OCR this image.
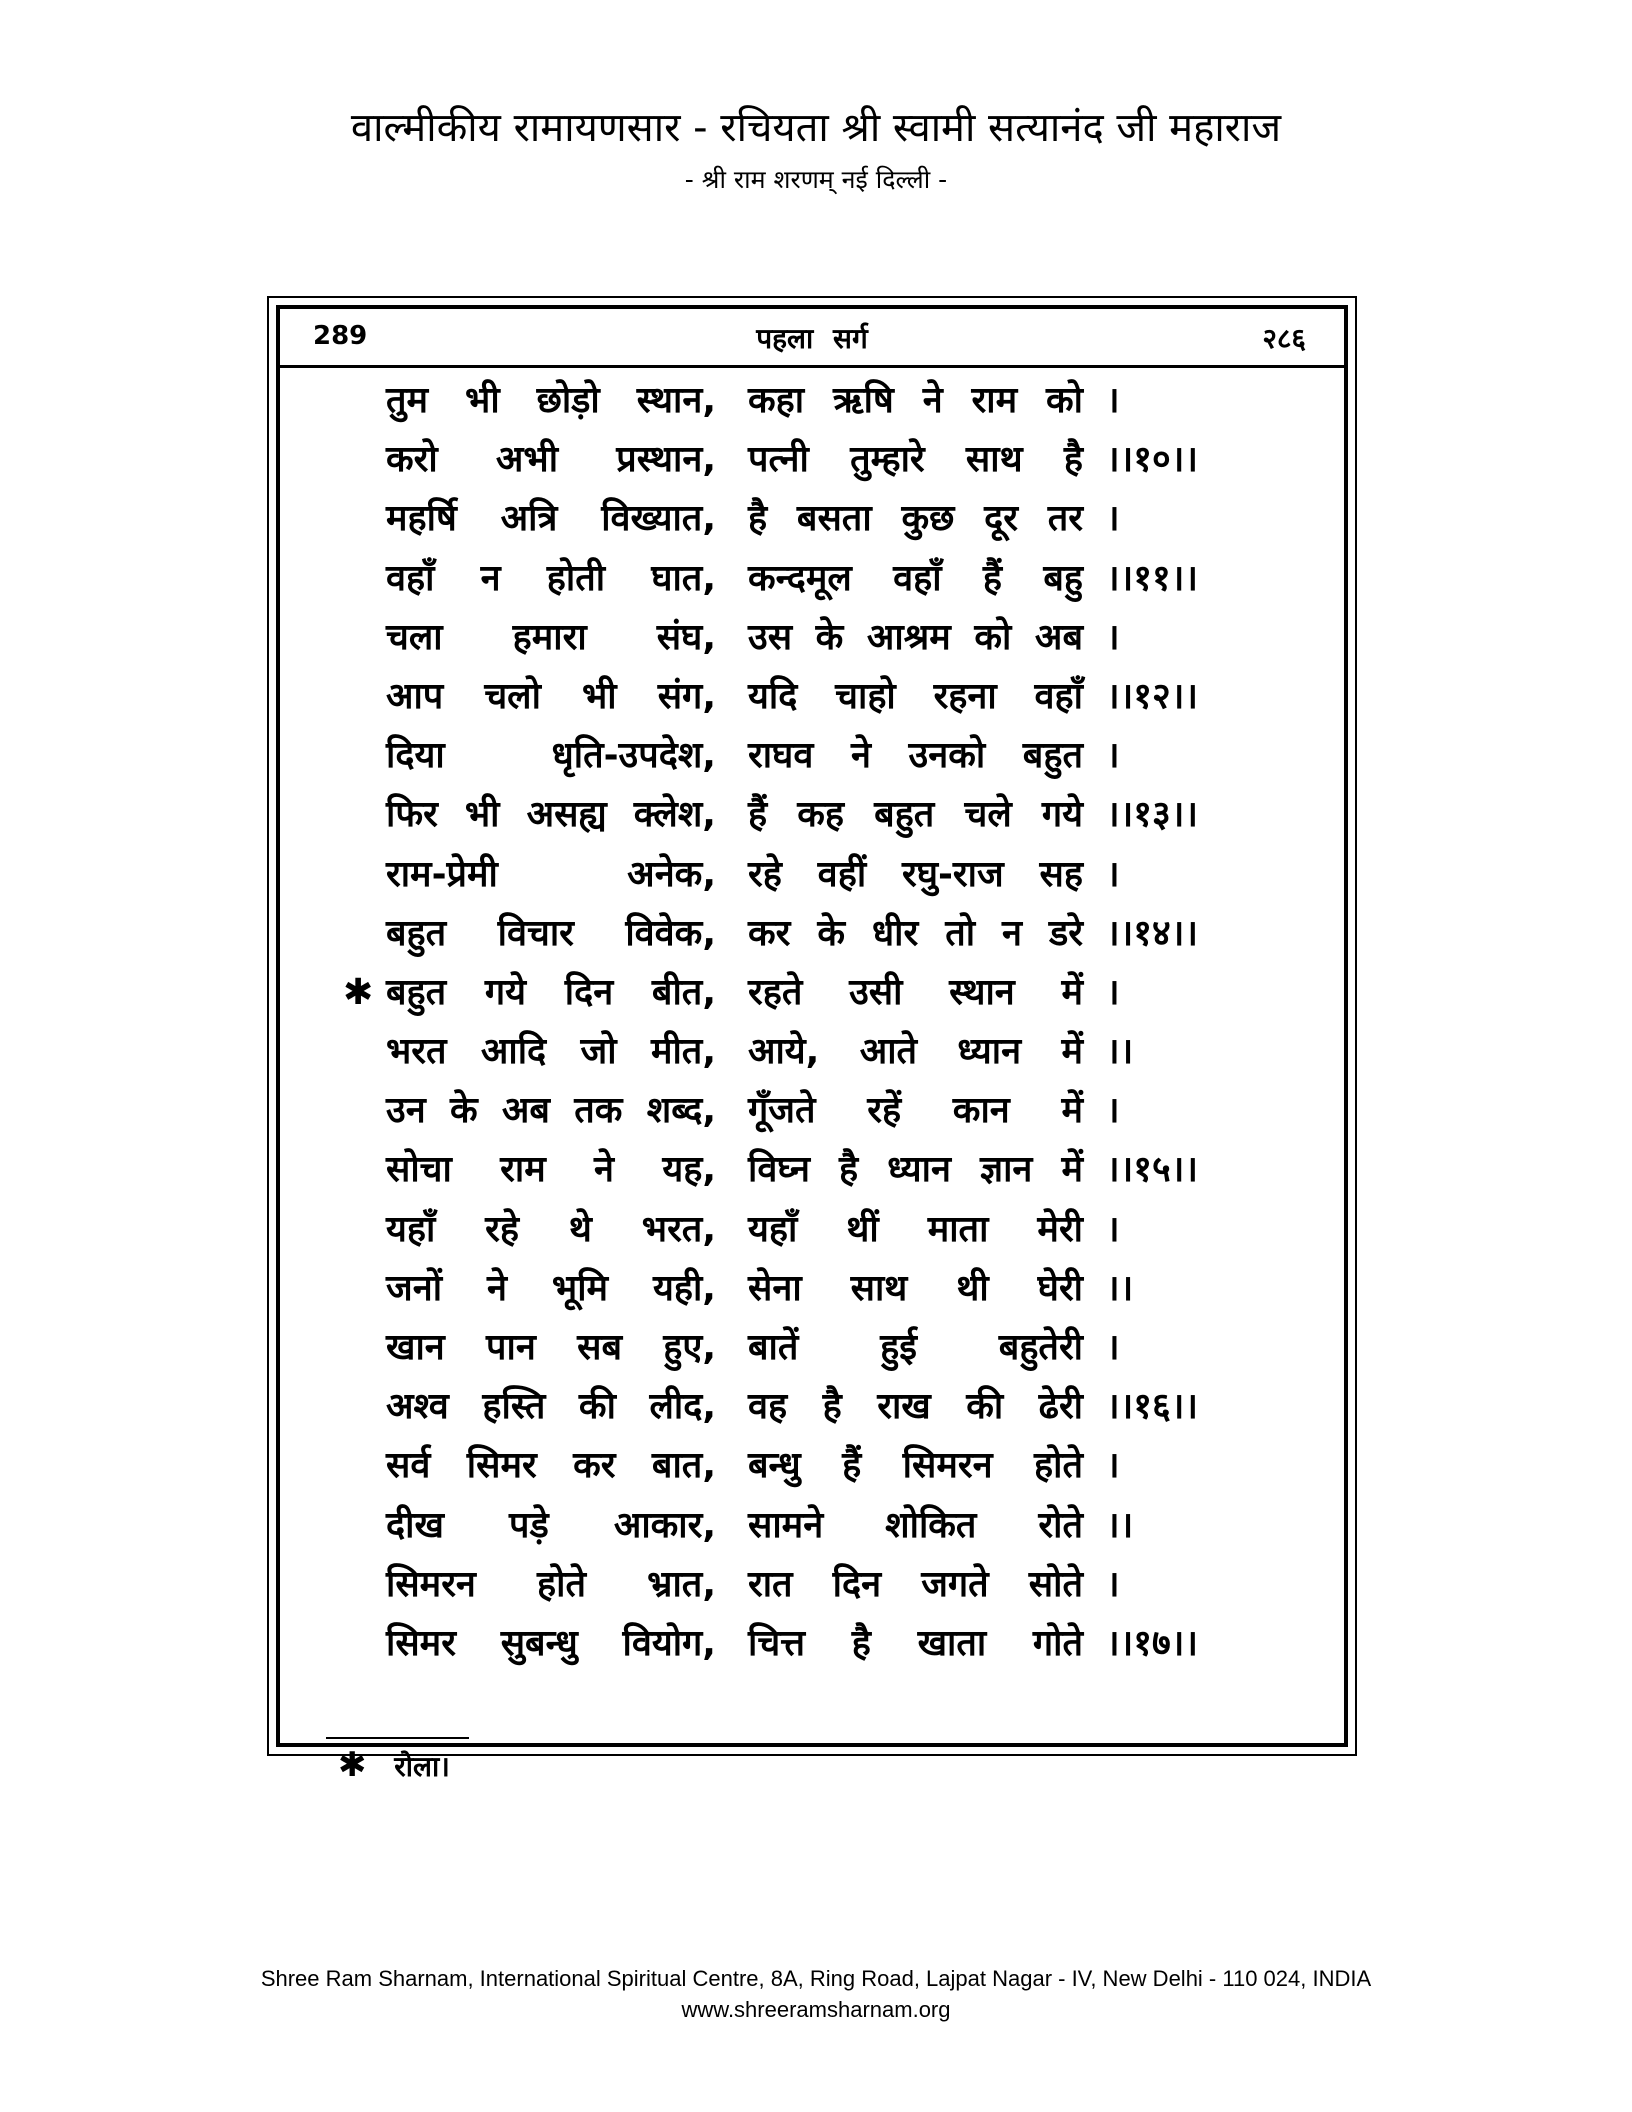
वाल्मीकीय रामायणसार - रचियता श्री स्वामी सत्यानंद जी महाराज
- श्री राम शरणम् नई दिल्ली -
289	पहला सर्ग	२८६
तुम भी छोड़ो स्थान, कहा ऋषि ने राम को ।
करो अभी प्रस्थान, पत्नी तुम्हारे साथ है ।।१०।।
महर्षि अत्रि विख्यात, है बसता कुछ दूर तर ।
वहाँ न होती घात, कन्दमूल वहाँ हैं बहु ।।११।।
चला हमारा संघ, उस के आश्रम को अब ।
आप चलो भी संग, यदि चाहो रहना वहाँ ।।१२।।
दिया धृति-उपदेश, राघव ने उनको बहुत ।
फिर भी असह्य क्लेश, हैं कह बहुत चले गये ।।१३।।
राम-प्रेमी अनेक, रहे वहीं रघु-राज सह ।
बहुत विचार विवेक, कर के धीर तो न डरे ।।१४।।
✱ बहुत गये दिन बीत, रहते उसी स्थान में ।
भरत आदि जो मीत, आये, आते ध्यान में ।।
उन के अब तक शब्द, गूँजते रहें कान में ।
सोचा राम ने यह, विघ्न है ध्यान ज्ञान में ।।१५।।
यहाँ रहे थे भरत, यहाँ थीं माता मेरी ।
जनों ने भूमि यही, सेना साथ थी घेरी ।।
खान पान सब हुए, बातें हुई बहुतेरी ।
अश्व हस्ति की लीद, वह है राख की ढेरी ।।१६।।
सर्व सिमर कर बात, बन्धु हैं सिमरन होते ।
दीख पड़े आकार, सामने शोकित रोते ।।
सिमरन होते भ्रात, रात दिन जगते सोते ।
सिमर सुबन्धु वियोग, चित्त है खाता गोते ।।१७।।
✱ रोला।
Shree Ram Sharnam, International Spiritual Centre, 8A, Ring Road, Lajpat Nagar - IV, New Delhi - 110 024, INDIA
www.shreeramsharnam.org
